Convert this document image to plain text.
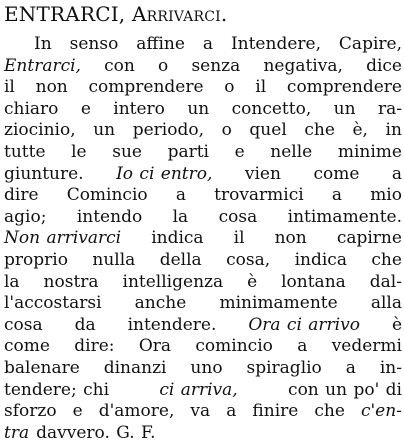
ENTRARCI, Arrivarci.
In senso affine a Intendere, Capire,
Entrarci, con o senza negativa, dice
il non comprendere o il comprendere
chiaro e intero un concetto, un ra-
ziocinio, un periodo, o quel che è, in
tutte le sue parti e nelle minime
giunture. Io ci entro, vien come a
dire Comincio a trovarmici a mio
agio; intendo la cosa intimamente.
Non arrivarci indica il non capirne
proprio nulla della cosa, indica che
la nostra intelligenza è lontana dal-
l'accostarsi anche minimamente alla
cosa da intendere. Ora ci arrivo è
come dire: Ora comincio a vedermi
balenare dinanzi uno spiraglio a in-
tendere; chi	ci arriva,	con un po' di
sforzo e d'amore, va a finire che c'en-
tra davvero. G. F.
